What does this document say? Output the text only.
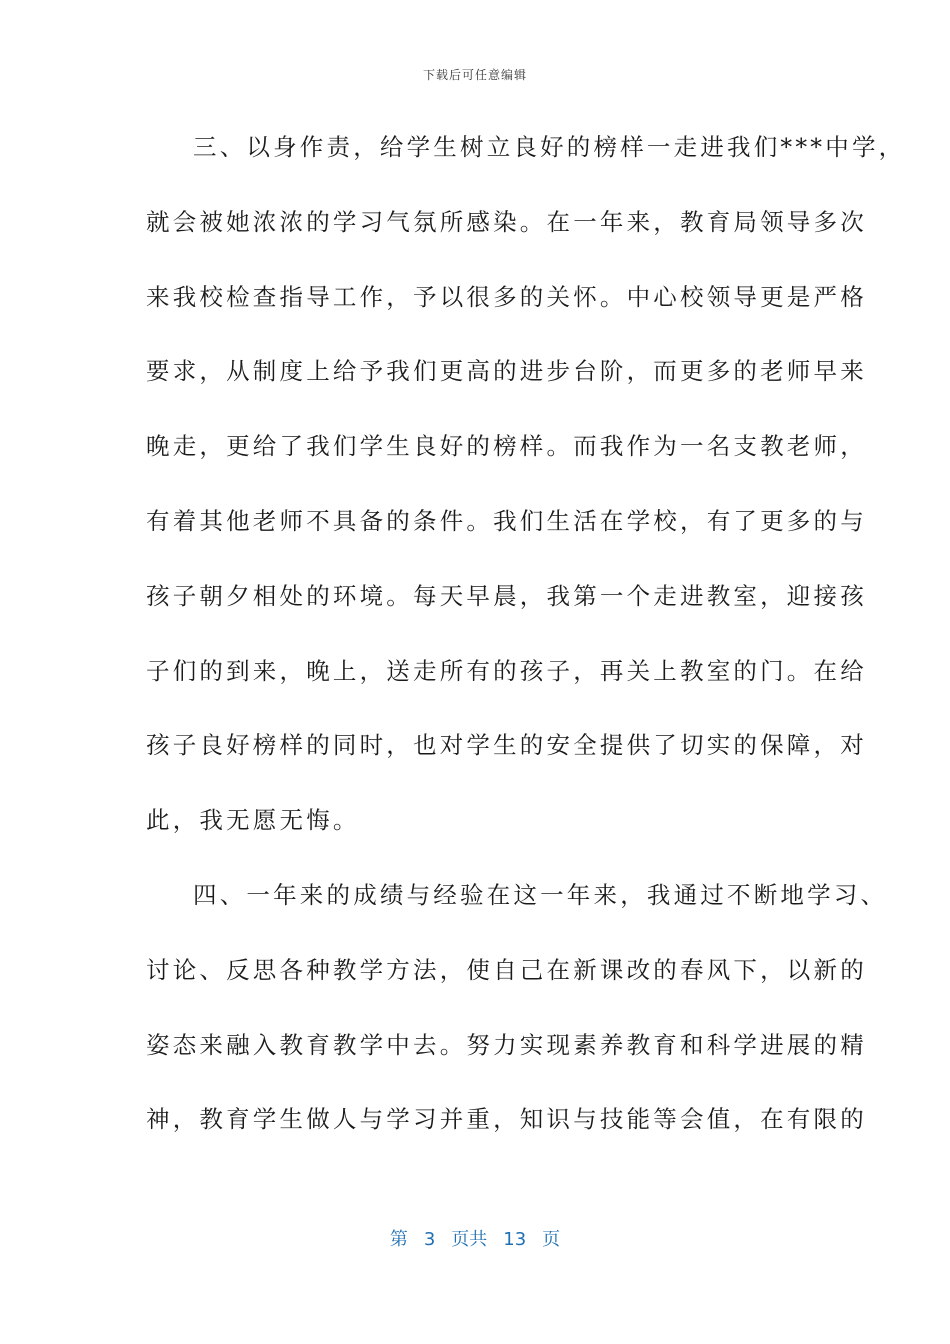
下载后可任意编辑
三、以身作责，给学生树立良好的榜样一走进我们***中学，
就会被她浓浓的学习气氛所感染。在一年来，教育局领导多次
来我校检查指导工作，予以很多的关怀。中心校领导更是严格
要求，从制度上给予我们更高的进步台阶，而更多的老师早来
晚走，更给了我们学生良好的榜样。而我作为一名支教老师，
有着其他老师不具备的条件。我们生活在学校，有了更多的与
孩子朝夕相处的环境。每天早晨，我第一个走进教室，迎接孩
子们的到来，晚上，送走所有的孩子，再关上教室的门。在给
孩子良好榜样的同时，也对学生的安全提供了切实的保障，对
此，我无愿无悔。
四、一年来的成绩与经验在这一年来，我通过不断地学习、
讨论、反思各种教学方法，使自己在新课改的春风下，以新的
姿态来融入教育教学中去。努力实现素养教育和科学进展的精
神，教育学生做人与学习并重，知识与技能等会值，在有限的
第 3 页共 13 页
